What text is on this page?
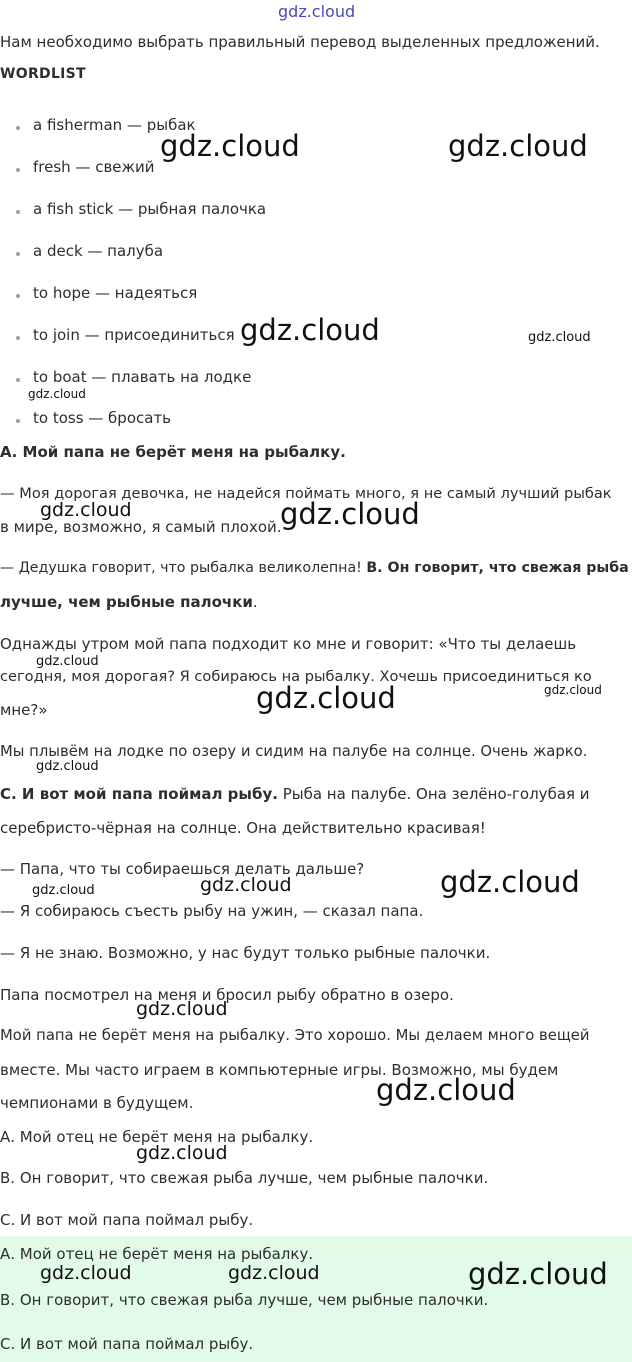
gdz.cloud
Нам необходимо выбрать правильный перевод выделенных предложений.
WORDLIST
a fisherman — рыбак
fresh — свежий
a fish stick — рыбная палочка
a deck — палуба
to hope — надеяться
to join — присоединиться
to boat — плавать на лодке
to toss — бросать
А. Мой папа не берёт меня на рыбалку.
— Моя дорогая девочка, не надейся поймать много, я не самый лучший рыбак
в мире, возможно, я самый плохой.
— Дедушка говорит, что рыбалка великолепна! В. Он говорит, что свежая рыба
лучше, чем рыбные палочки.
Однажды утром мой папа подходит ко мне и говорит: «Что ты делаешь
сегодня, моя дорогая? Я собираюсь на рыбалку. Хочешь присоединиться ко
мне?»
Мы плывём на лодке по озеру и сидим на палубе на солнце. Очень жарко.
С. И вот мой папа поймал рыбу. Рыба на палубе. Она зелёно-голубая и
серебристо-чёрная на солнце. Она действительно красивая!
— Папа, что ты собираешься делать дальше?
— Я собираюсь съесть рыбу на ужин, — сказал папа.
— Я не знаю. Возможно, у нас будут только рыбные палочки.
Папа посмотрел на меня и бросил рыбу обратно в озеро.
Мой папа не берёт меня на рыбалку. Это хорошо. Мы делаем много вещей
вместе. Мы часто играем в компьютерные игры. Возможно, мы будем
чемпионами в будущем.
А. Мой отец не берёт меня на рыбалку.
В. Он говорит, что свежая рыба лучше, чем рыбные палочки.
С. И вот мой папа поймал рыбу.
А. Мой отец не берёт меня на рыбалку.
В. Он говорит, что свежая рыба лучше, чем рыбные палочки.
С. И вот мой папа поймал рыбу.
gdz.cloud	gdz.cloud
gdz.cloud	gdz.cloud
gdz.cloud
gdz.cloud	gdz.cloud
gdz.cloud
gdz.cloud	gdz.cloud
gdz.cloud
gdz.cloud	gdz.cloud	gdz.cloud
gdz.cloud
gdz.cloud
gdz.cloud
gdz.cloud	gdz.cloud	gdz.cloud
